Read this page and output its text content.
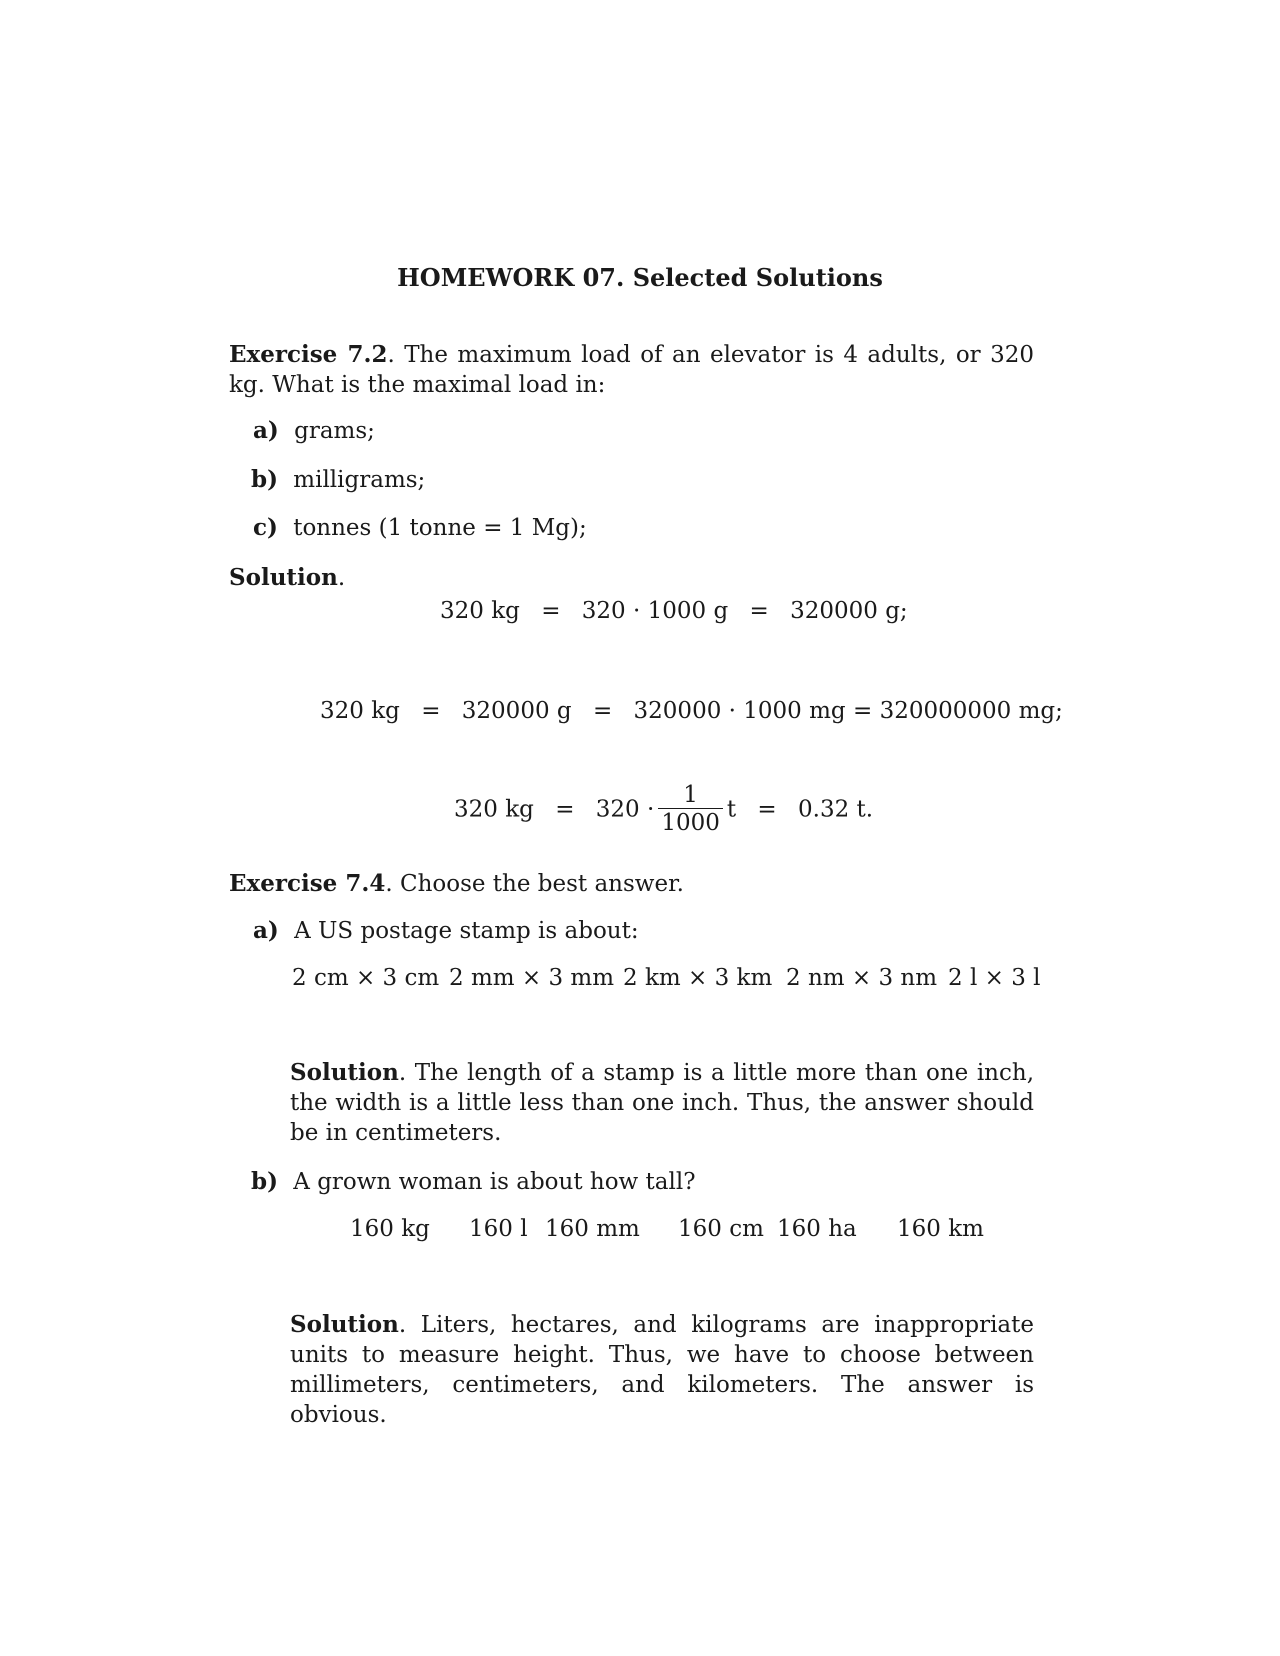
HOMEWORK 07. Selected Solutions
Exercise 7.2. The maximum load of an elevator is 4 adults, or 320 kg. What is the maximal load in:
a) grams;
b) milligrams;
c) tonnes (1 tonne = 1 Mg);
Solution.
320 kg = 320 · 1000 g = 320000 g;
320 kg = 320000 g = 320000 · 1000 mg = 320000000 mg;
320 kg = $320 \cdot \frac{1}{1000}$ t = 0.32 t.
Exercise 7.4. Choose the best answer.
a) A US postage stamp is about:
2 cm × 3 cm 2 mm × 3 mm 2 km × 3 km 2 nm × 3 nm 2 l × 3 l
Solution. The length of a stamp is a little more than one inch, the width is a little less than one inch. Thus, the answer should be in centimeters.
b) A grown woman is about how tall?
160 kg 160 l 160 mm 160 cm 160 ha 160 km
Solution. Liters, hectares, and kilograms are inappropriate units to measure height. Thus, we have to choose between millimeters, centimeters, and kilometers. The answer is obvious.
